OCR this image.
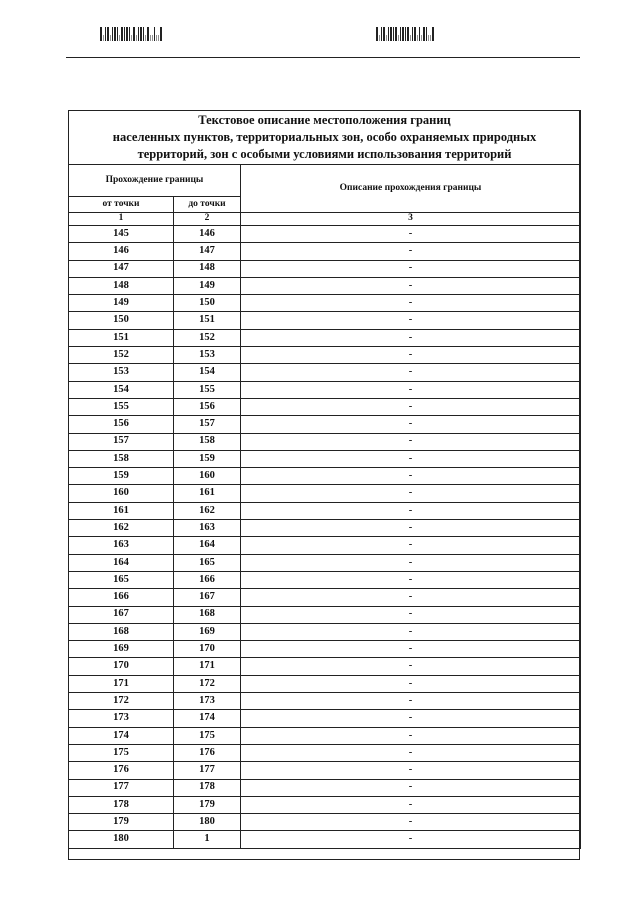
Текстовое описание местоположения границ
населенных пунктов, территориальных зон, особо охраняемых природных
территорий, зон с особыми условиями использования территорий		

Прохождение границы		Описание прохождения границы
от точки	до точки	
1	2	3
145	146	-
146	147	-
147	148	-
148	149	-
149	150	-
150	151	-
151	152	-
152	153	-
153	154	-
154	155	-
155	156	-
156	157	-
157	158	-
158	159	-
159	160	-
160	161	-
161	162	-
162	163	-
163	164	-
164	165	-
165	166	-
166	167	-
167	168	-
168	169	-
169	170	-
170	171	-
171	172	-
172	173	-
173	174	-
174	175	-
175	176	-
176	177	-
177	178	-
178	179	-
179	180	-
180	1	-
